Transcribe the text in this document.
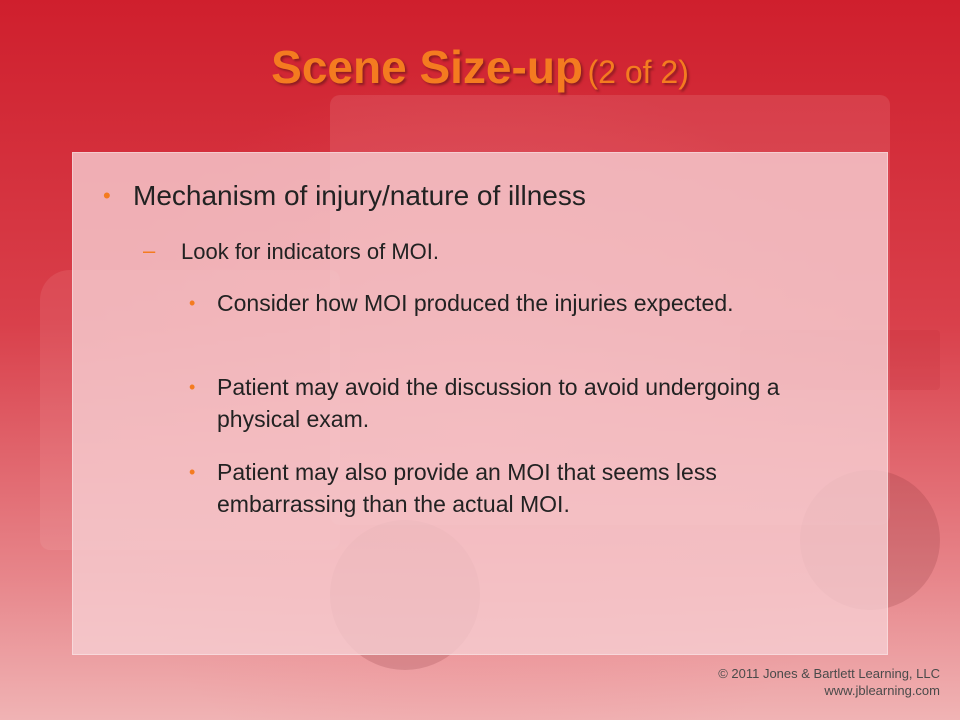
Scene Size-up (2 of 2)
• Mechanism of injury/nature of illness
– Look for indicators of MOI.
• Consider how MOI produced the injuries expected.
• Patient may avoid the discussion to avoid undergoing a physical exam.
• Patient may also provide an MOI that seems less embarrassing than the actual MOI.
© 2011 Jones & Bartlett Learning, LLC
www.jblearning.com
